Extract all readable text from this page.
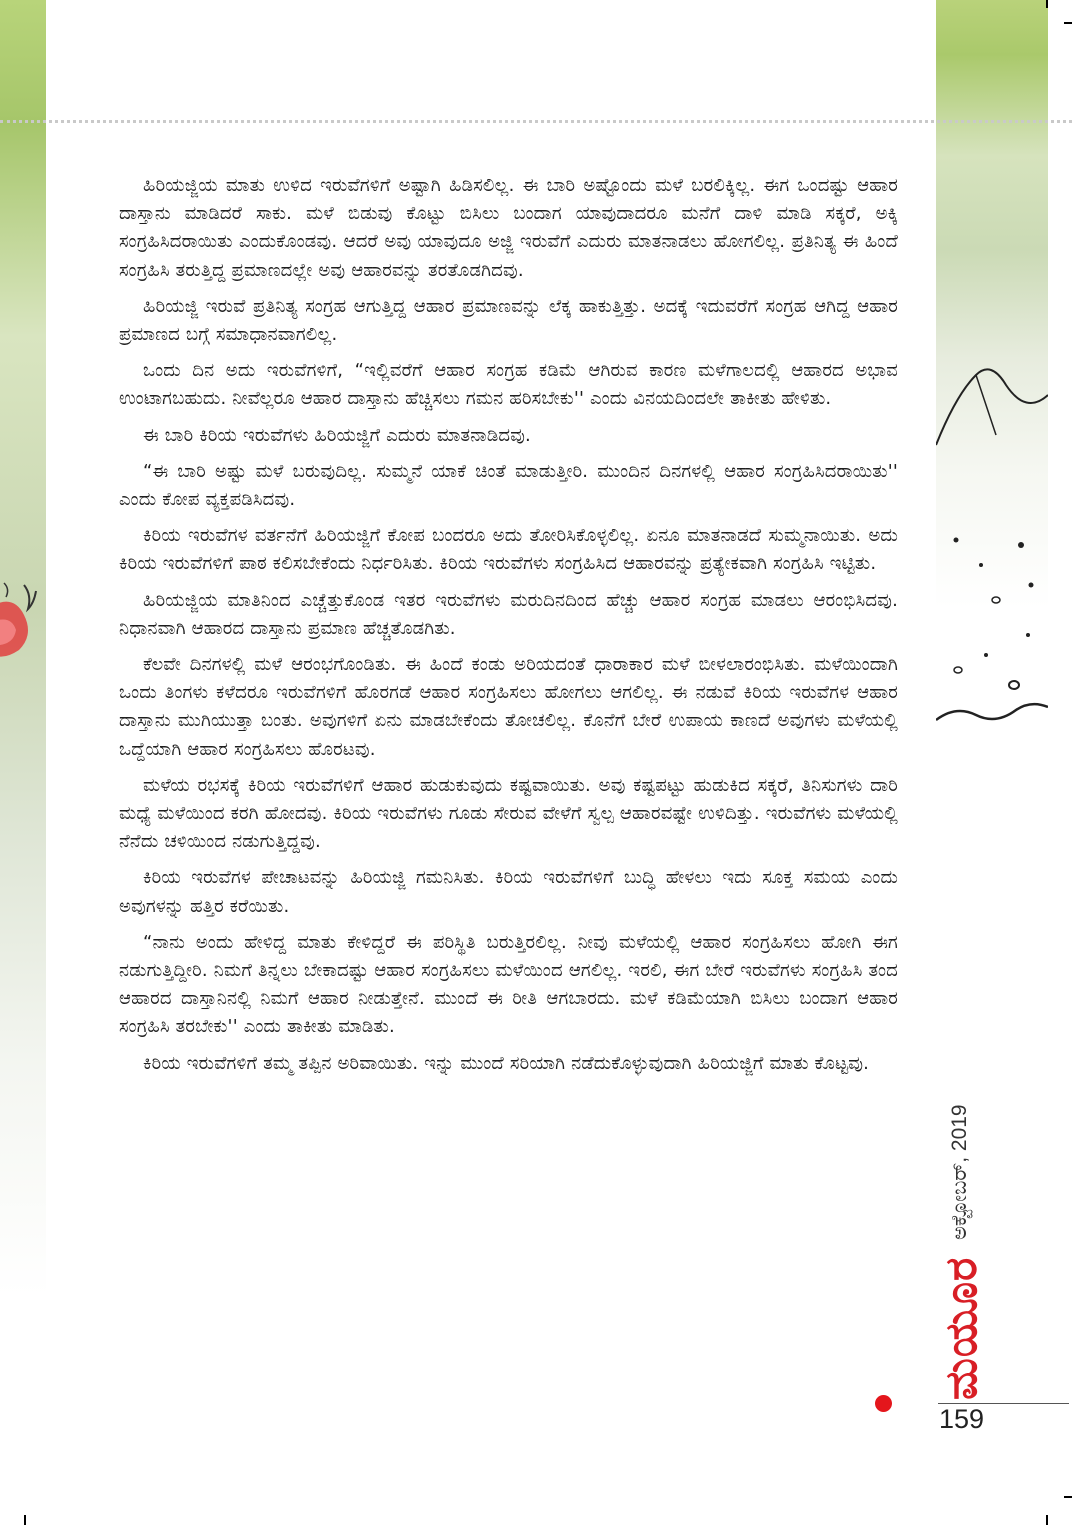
ಹಿರಿಯಜ್ಜಿಯ ಮಾತು ಉಳಿದ ಇರುವೆಗಳಿಗೆ ಅಷ್ಟಾಗಿ ಹಿಡಿಸಲಿಲ್ಲ. ಈ ಬಾರಿ ಅಷ್ಟೊಂದು ಮಳೆ ಬರಲಿಕ್ಕಿಲ್ಲ. ಈಗ ಒಂದಷ್ಟು ಆಹಾರ ದಾಸ್ತಾನು ಮಾಡಿದರೆ ಸಾಕು. ಮಳೆ ಬಿಡುವು ಕೊಟ್ಟು ಬಿಸಿಲು ಬಂದಾಗ ಯಾವುದಾದರೂ ಮನೆಗೆ ದಾಳಿ ಮಾಡಿ ಸಕ್ಕರೆ, ಅಕ್ಕಿ ಸಂಗ್ರಹಿಸಿದರಾಯಿತು ಎಂದುಕೊಂಡವು. ಆದರೆ ಅವು ಯಾವುದೂ ಅಜ್ಜಿ ಇರುವೆಗೆ ಎದುರು ಮಾತನಾಡಲು ಹೋಗಲಿಲ್ಲ. ಪ್ರತಿನಿತ್ಯ ಈ ಹಿಂದೆ ಸಂಗ್ರಹಿಸಿ ತರುತ್ತಿದ್ದ ಪ್ರಮಾಣದಲ್ಲೇ ಅವು ಆಹಾರವನ್ನು ತರತೊಡಗಿದವು.

ಹಿರಿಯಜ್ಜಿ ಇರುವೆ ಪ್ರತಿನಿತ್ಯ ಸಂಗ್ರಹ ಆಗುತ್ತಿದ್ದ ಆಹಾರ ಪ್ರಮಾಣವನ್ನು ಲೆಕ್ಕ ಹಾಕುತ್ತಿತ್ತು. ಅದಕ್ಕೆ ಇದುವರೆಗೆ ಸಂಗ್ರಹ ಆಗಿದ್ದ ಆಹಾರ ಪ್ರಮಾಣದ ಬಗ್ಗೆ ಸಮಾಧಾನವಾಗಲಿಲ್ಲ.

ಒಂದು ದಿನ ಅದು ಇರುವೆಗಳಿಗೆ, “ಇಲ್ಲಿವರೆಗೆ ಆಹಾರ ಸಂಗ್ರಹ ಕಡಿಮೆ ಆಗಿರುವ ಕಾರಣ ಮಳೆಗಾಲದಲ್ಲಿ ಆಹಾರದ ಅಭಾವ ಉಂಟಾಗಬಹುದು. ನೀವೆಲ್ಲರೂ ಆಹಾರ ದಾಸ್ತಾನು ಹೆಚ್ಚಿಸಲು ಗಮನ ಹರಿಸಬೇಕು'' ಎಂದು ವಿನಯದಿಂದಲೇ ತಾಕೀತು ಹೇಳಿತು.

ಈ ಬಾರಿ ಕಿರಿಯ ಇರುವೆಗಳು ಹಿರಿಯಜ್ಜಿಗೆ ಎದುರು ಮಾತನಾಡಿದವು.

“ಈ ಬಾರಿ ಅಷ್ಟು ಮಳೆ ಬರುವುದಿಲ್ಲ. ಸುಮ್ಮನೆ ಯಾಕೆ ಚಿಂತೆ ಮಾಡುತ್ತೀರಿ. ಮುಂದಿನ ದಿನಗಳಲ್ಲಿ ಆಹಾರ ಸಂಗ್ರಹಿಸಿದರಾಯಿತು'' ಎಂದು ಕೋಪ ವ್ಯಕ್ತಪಡಿಸಿದವು.

ಕಿರಿಯ ಇರುವೆಗಳ ವರ್ತನೆಗೆ ಹಿರಿಯಜ್ಜಿಗೆ ಕೋಪ ಬಂದರೂ ಅದು ತೋರಿಸಿಕೊಳ್ಳಲಿಲ್ಲ. ಏನೂ ಮಾತನಾಡದೆ ಸುಮ್ಮನಾಯಿತು. ಅದು ಕಿರಿಯ ಇರುವೆಗಳಿಗೆ ಪಾಠ ಕಲಿಸಬೇಕೆಂದು ನಿರ್ಧರಿಸಿತು. ಕಿರಿಯ ಇರುವೆಗಳು ಸಂಗ್ರಹಿಸಿದ ಆಹಾರವನ್ನು ಪ್ರತ್ಯೇಕವಾಗಿ ಸಂಗ್ರಹಿಸಿ ಇಟ್ಟಿತು.

ಹಿರಿಯಜ್ಜಿಯ ಮಾತಿನಿಂದ ಎಚ್ಚೆತ್ತುಕೊಂಡ ಇತರ ಇರುವೆಗಳು ಮರುದಿನದಿಂದ ಹೆಚ್ಚು ಆಹಾರ ಸಂಗ್ರಹ ಮಾಡಲು ಆರಂಭಿಸಿದವು. ನಿಧಾನವಾಗಿ ಆಹಾರದ ದಾಸ್ತಾನು ಪ್ರಮಾಣ ಹೆಚ್ಚತೊಡಗಿತು.

ಕೆಲವೇ ದಿನಗಳಲ್ಲಿ ಮಳೆ ಆರಂಭಗೊಂಡಿತು. ಈ ಹಿಂದೆ ಕಂಡು ಅರಿಯದಂತೆ ಧಾರಾಕಾರ ಮಳೆ ಬೀಳಲಾರಂಭಿಸಿತು. ಮಳೆಯಿಂದಾಗಿ ಒಂದು ತಿಂಗಳು ಕಳೆದರೂ ಇರುವೆಗಳಿಗೆ ಹೊರಗಡೆ ಆಹಾರ ಸಂಗ್ರಹಿಸಲು ಹೋಗಲು ಆಗಲಿಲ್ಲ. ಈ ನಡುವೆ ಕಿರಿಯ ಇರುವೆಗಳ ಆಹಾರ ದಾಸ್ತಾನು ಮುಗಿಯುತ್ತಾ ಬಂತು. ಅವುಗಳಿಗೆ ಏನು ಮಾಡಬೇಕೆಂದು ತೋಚಲಿಲ್ಲ. ಕೊನೆಗೆ ಬೇರೆ ಉಪಾಯ ಕಾಣದೆ ಅವುಗಳು ಮಳೆಯಲ್ಲಿ ಒದ್ದೆಯಾಗಿ ಆಹಾರ ಸಂಗ್ರಹಿಸಲು ಹೊರಟವು.

ಮಳೆಯ ರಭಸಕ್ಕೆ ಕಿರಿಯ ಇರುವೆಗಳಿಗೆ ಆಹಾರ ಹುಡುಕುವುದು ಕಷ್ಟವಾಯಿತು. ಅವು ಕಷ್ಟಪಟ್ಟು ಹುಡುಕಿದ ಸಕ್ಕರೆ, ತಿನಿಸುಗಳು ದಾರಿ ಮಧ್ಯೆ ಮಳೆಯಿಂದ ಕರಗಿ ಹೋದವು. ಕಿರಿಯ ಇರುವೆಗಳು ಗೂಡು ಸೇರುವ ವೇಳೆಗೆ ಸ್ವಲ್ಪ ಆಹಾರವಷ್ಟೇ ಉಳಿದಿತ್ತು. ಇರುವೆಗಳು ಮಳೆಯಲ್ಲಿ ನೆನೆದು ಚಳಿಯಿಂದ ನಡುಗುತ್ತಿದ್ದವು.

ಕಿರಿಯ ಇರುವೆಗಳ ಪೇಚಾಟವನ್ನು ಹಿರಿಯಜ್ಜಿ ಗಮನಿಸಿತು. ಕಿರಿಯ ಇರುವೆಗಳಿಗೆ ಬುದ್ಧಿ ಹೇಳಲು ಇದು ಸೂಕ್ತ ಸಮಯ ಎಂದು ಅವುಗಳನ್ನು ಹತ್ತಿರ ಕರೆಯಿತು.

“ನಾನು ಅಂದು ಹೇಳಿದ್ದ ಮಾತು ಕೇಳಿದ್ದರೆ ಈ ಪರಿಸ್ಥಿತಿ ಬರುತ್ತಿರಲಿಲ್ಲ. ನೀವು ಮಳೆಯಲ್ಲಿ ಆಹಾರ ಸಂಗ್ರಹಿಸಲು ಹೋಗಿ ಈಗ ನಡುಗುತ್ತಿದ್ದೀರಿ. ನಿಮಗೆ ತಿನ್ನಲು ಬೇಕಾದಷ್ಟು ಆಹಾರ ಸಂಗ್ರಹಿಸಲು ಮಳೆಯಿಂದ ಆಗಲಿಲ್ಲ. ಇರಲಿ, ಈಗ ಬೇರೆ ಇರುವೆಗಳು ಸಂಗ್ರಹಿಸಿ ತಂದ ಆಹಾರದ ದಾಸ್ತಾನಿನಲ್ಲಿ ನಿಮಗೆ ಆಹಾರ ನೀಡುತ್ತೇನೆ. ಮುಂದೆ ಈ ರೀತಿ ಆಗಬಾರದು. ಮಳೆ ಕಡಿಮೆಯಾಗಿ ಬಿಸಿಲು ಬಂದಾಗ ಆಹಾರ ಸಂಗ್ರಹಿಸಿ ತರಬೇಕು'' ಎಂದು ತಾಕೀತು ಮಾಡಿತು.

ಕಿರಿಯ ಇರುವೆಗಳಿಗೆ ತಮ್ಮ ತಪ್ಪಿನ ಅರಿವಾಯಿತು. ಇನ್ನು ಮುಂದೆ ಸರಿಯಾಗಿ ನಡೆದುಕೊಳ್ಳುವುದಾಗಿ ಹಿರಿಯಜ್ಜಿಗೆ ಮಾತು ಕೊಟ್ಟವು.

ಅಕ್ಟೋಬರ್, 2019
ಮಯೂರ
159
